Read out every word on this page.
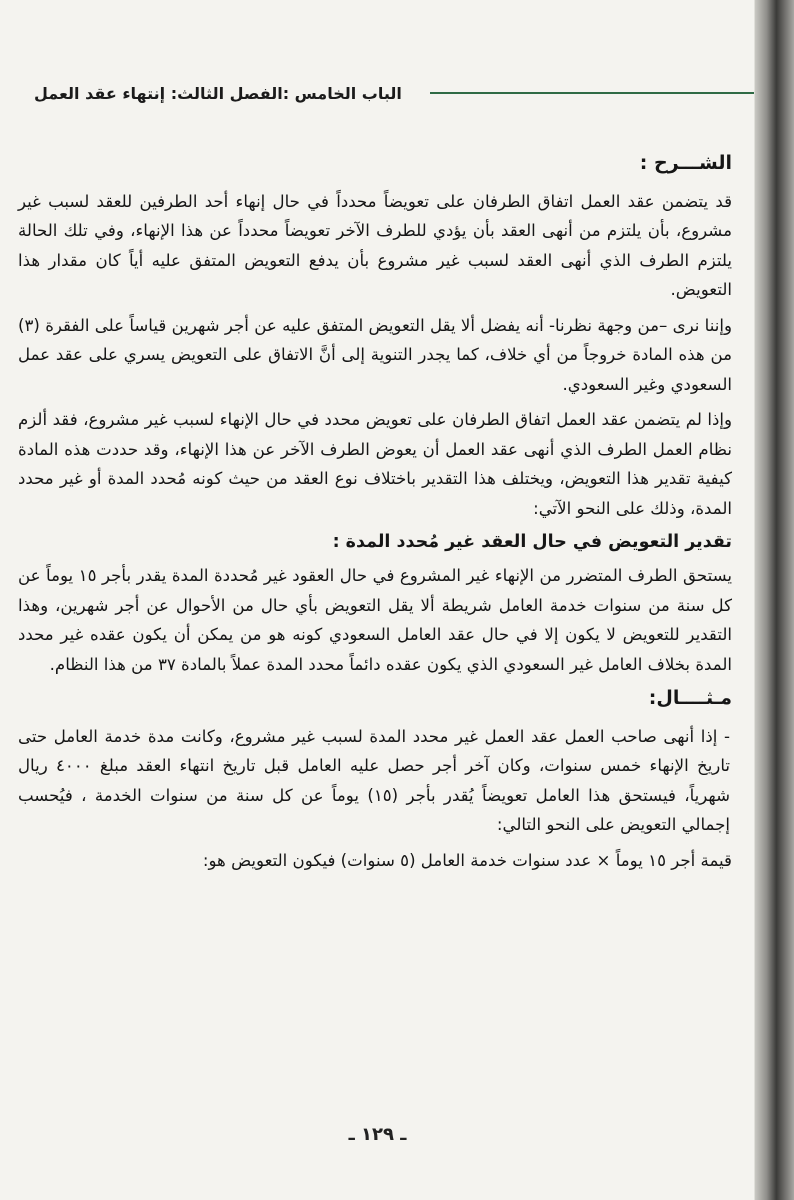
الباب الخامس :الفصل الثالث: إنتهاء عقد العمل
الشـــرح :

قد يتضمن عقد العمل اتفاق الطرفان على تعويضاً محدداً في حال إنهاء أحد الطرفين للعقد لسبب غير مشروع، بأن يلتزم من أنهى العقد بأن يؤدي للطرف الآخر تعويضاً محدداً عن هذا الإنهاء، وفي تلك الحالة يلتزم الطرف الذي أنهى العقد لسبب غير مشروع بأن يدفع التعويض المتفق عليه أياً كان مقدار هذا التعويض.

وإننا نرى –من وجهة نظرنا- أنه يفضل ألا يقل التعويض المتفق عليه عن أجر شهرين قياساً على الفقرة (٣) من هذه المادة خروجاً من أي خلاف، كما يجدر التنوية إلى أنَّ الاتفاق على التعويض يسري على عقد عمل السعودي وغير السعودي.

وإذا لم يتضمن عقد العمل اتفاق الطرفان على تعويض محدد في حال الإنهاء لسبب غير مشروع، فقد ألزم نظام العمل الطرف الذي أنهى عقد العمل أن يعوض الطرف الآخر عن هذا الإنهاء، وقد حددت هذه المادة كيفية تقدير هذا التعويض، ويختلف هذا التقدير باختلاف نوع العقد من حيث كونه مُحدد المدة أو غير محدد المدة، وذلك على النحو الآتي:

تقدير التعويض في حال العقد غير مُحدد المدة :

يستحق الطرف المتضرر من الإنهاء غير المشروع في حال العقود غير مُحددة المدة يقدر بأجر ١٥ يوماً عن كل سنة من سنوات خدمة العامل شريطة ألا يقل التعويض بأي حال من الأحوال عن أجر شهرين، وهذا التقدير للتعويض لا يكون إلا في حال عقد العامل السعودي كونه هو من يمكن أن يكون عقده غير محدد المدة بخلاف العامل غير السعودي الذي يكون عقده دائماً محدد المدة عملاً بالمادة ٣٧ من هذا النظام.

مـثــــال:

- إذا أنهى صاحب العمل عقد العمل غير محدد المدة لسبب غير مشروع، وكانت مدة خدمة العامل حتى تاريخ الإنهاء خمس سنوات، وكان آخر أجر حصل عليه العامل قبل تاريخ انتهاء العقد مبلغ ٤٠٠٠ ريال شهرياً، فيستحق هذا العامل تعويضاً يُقدر بأجر (١٥) يوماً عن كل سنة من سنوات الخدمة ، فيُحسب إجمالي التعويض على النحو التالي:

قيمة أجر ١٥ يوماً × عدد سنوات خدمة العامل (٥ سنوات) فيكون التعويض هو:

ـ ١٢٩ ـ
